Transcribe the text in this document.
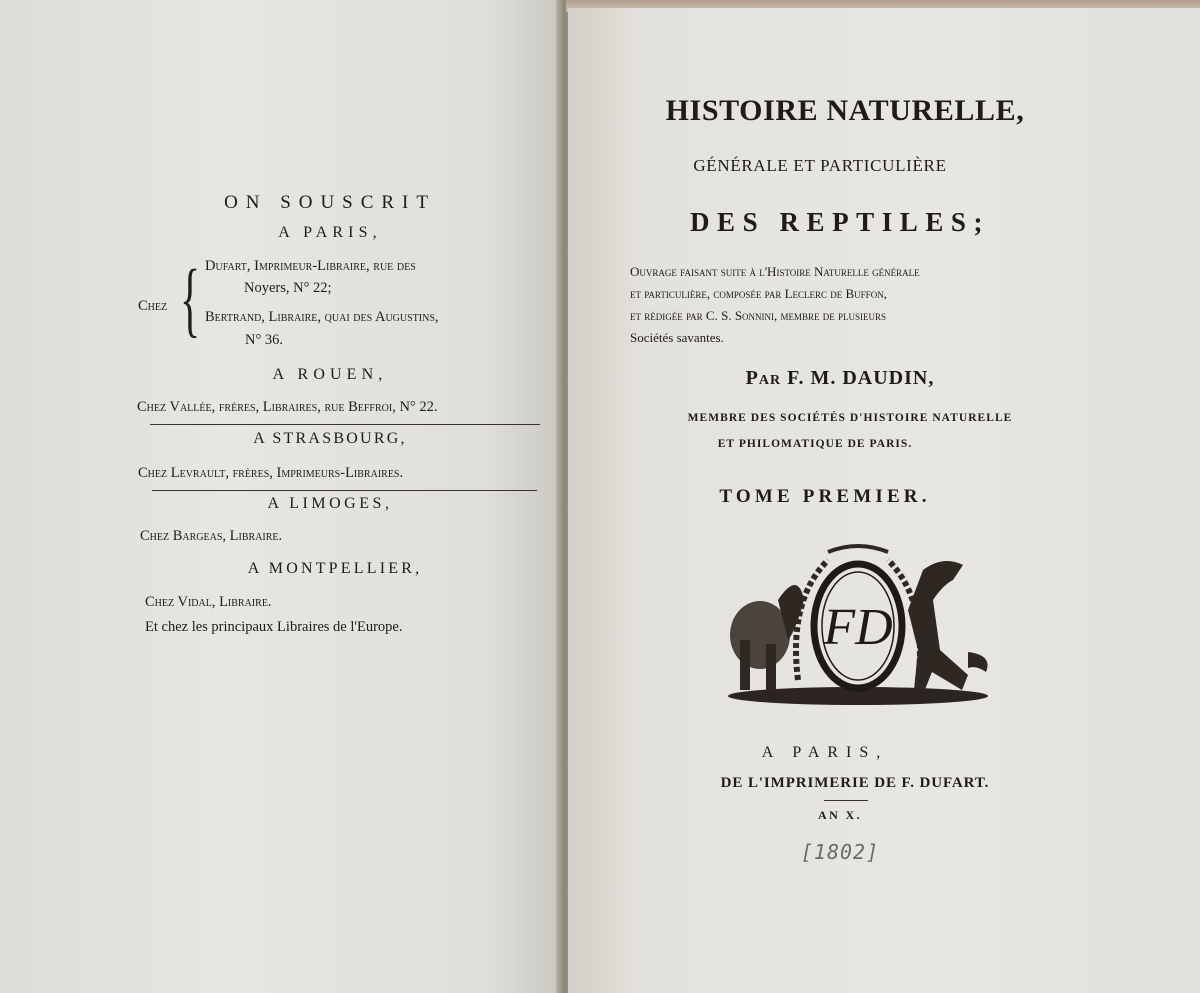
ON SOUSCRIT
A PARIS,
Chez { Dufart, Imprimeur-Libraire, rue des
Noyers, N° 22;
Bertrand, Libraire, quai des Augustins,
N° 36.
A ROUEN,
Chez Vallée, frères, Libraires, rue Beffroi, N° 22.
A STRASBOURG,
Chez Levrault, frères, Imprimeurs-Libraires.
A LIMOGES,
Chez Bargeas, Libraire.
A MONTPELLIER,
Chez Vidal, Libraire.
Et chez les principaux Libraires de l'Europe.
HISTOIRE NATURELLE,
GÉNÉRALE ET PARTICULIÈRE
DES REPTILES;
Ouvrage faisant suite à l'Histoire Naturelle générale
et particulière, composée par Leclerc de Buffon,
et rédigée par C. S. Sonnini, membre de plusieurs
Sociétés savantes.
Par F. M. DAUDIN,
MEMBRE DES SOCIÉTÉS D'HISTOIRE NATURELLE
ET PHILOMATIQUE DE PARIS.
TOME PREMIER.
FD
A PARIS,
DE L'IMPRIMERIE DE F. DUFART.
AN X.
[1802]
